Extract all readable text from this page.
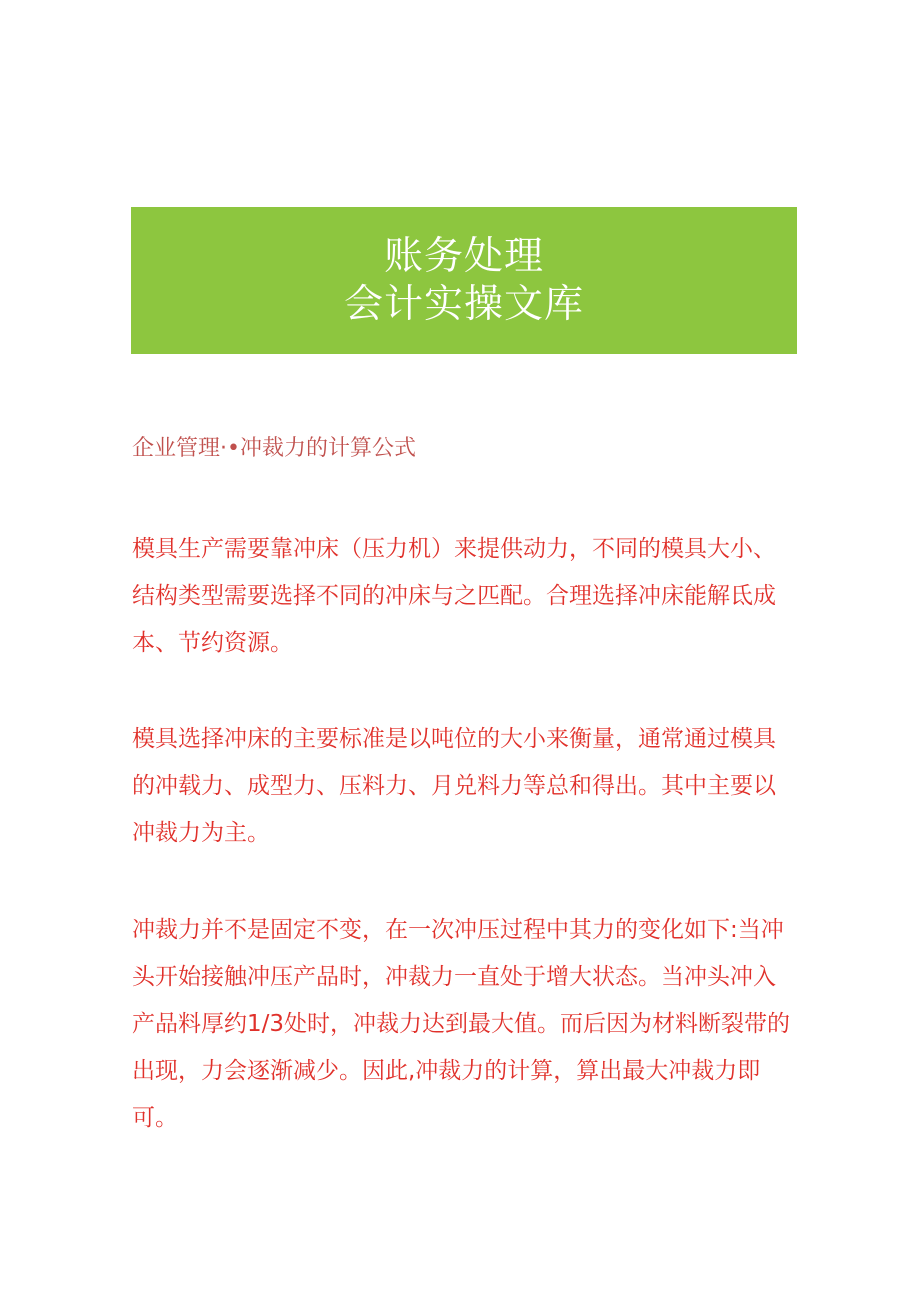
账务处理
会计实操文库
企业管理·•冲裁力的计算公式

模具生产需要靠冲床（压力机）来提供动力，不同的模具大小、结构类型需要选择不同的冲床与之匹配。合理选择冲床能解氐成本、节约资源。

模具选择冲床的主要标准是以吨位的大小来衡量，通常通过模具的冲载力、成型力、压料力、月兑料力等总和得出。其中主要以冲裁力为主。

冲裁力并不是固定不变，在一次冲压过程中其力的变化如下:当冲头开始接触冲压产品时，冲裁力一直处于增大状态。当冲头冲入产品料厚约1/3处时，冲裁力达到最大值。而后因为材料断裂带的出现，力会逐渐减少。因此,冲裁力的计算，算出最大冲裁力即可。
